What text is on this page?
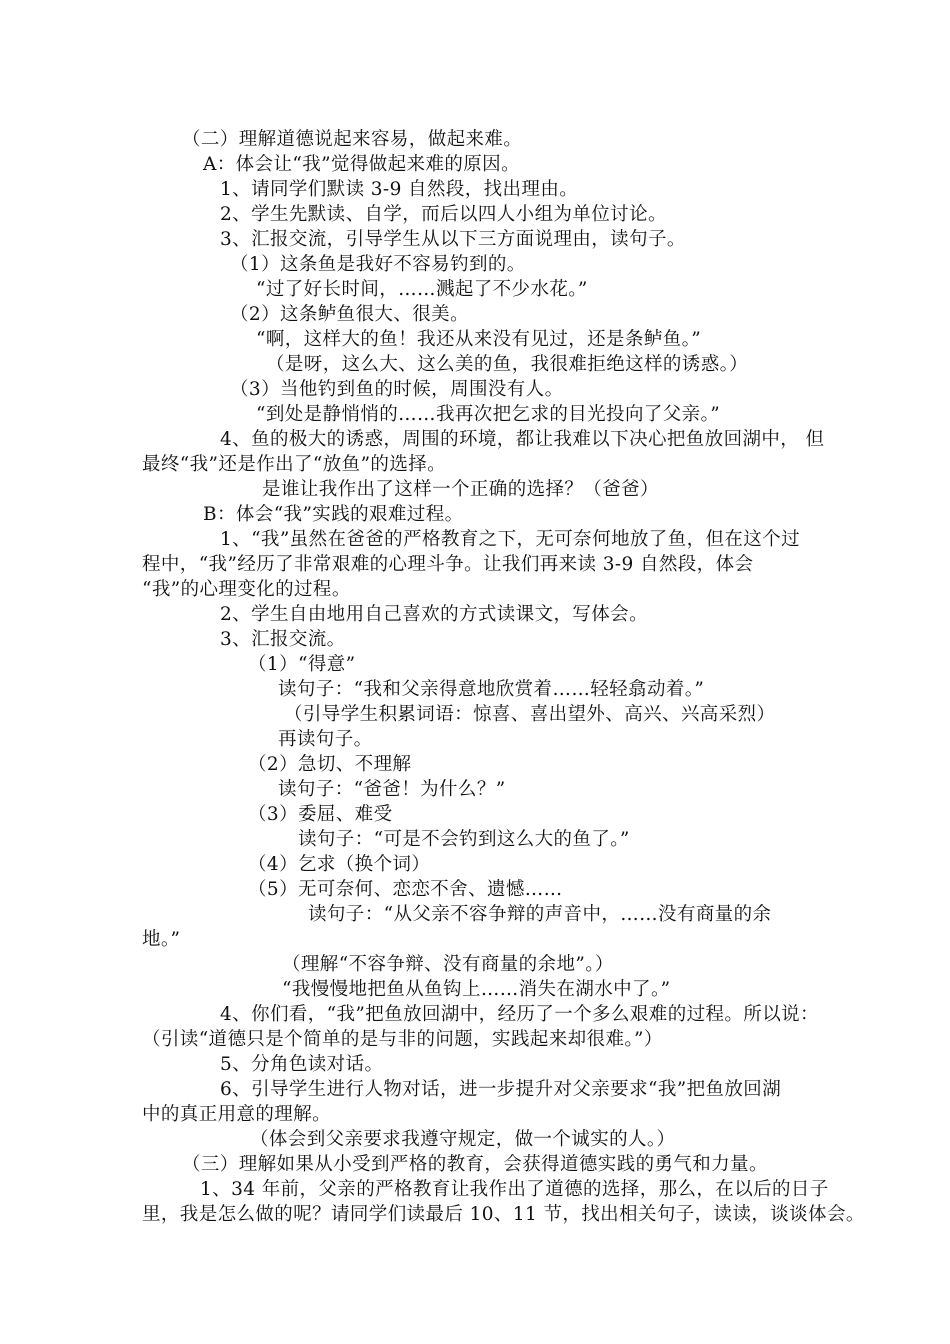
（二）理解道德说起来容易，做起来难。
A：体会让“我”觉得做起来难的原因。
1、请同学们默读 3-9 自然段，找出理由。
2、学生先默读、自学，而后以四人小组为单位讨论。
3、汇报交流，引导学生从以下三方面说理由，读句子。
（1）这条鱼是我好不容易钓到的。
“过了好长时间，……溅起了不少水花。”
（2）这条鲈鱼很大、很美。
“啊，这样大的鱼！我还从来没有见过，还是条鲈鱼。”
（是呀，这么大、这么美的鱼，我很难拒绝这样的诱惑。）
（3）当他钓到鱼的时候，周围没有人。
“到处是静悄悄的……我再次把乞求的目光投向了父亲。”
4、鱼的极大的诱惑，周围的环境，都让我难以下决心把鱼放回湖中， 但
最终“我”还是作出了“放鱼”的选择。
是谁让我作出了这样一个正确的选择？（爸爸）
B：体会“我”实践的艰难过程。
1、“我”虽然在爸爸的严格教育之下，无可奈何地放了鱼，但在这个过
程中，“我”经历了非常艰难的心理斗争。让我们再来读 3-9 自然段，体会
“我”的心理变化的过程。
2、学生自由地用自己喜欢的方式读课文，写体会。
3、汇报交流。
（1）“得意”
读句子：“我和父亲得意地欣赏着……轻轻翕动着。”
（引导学生积累词语：惊喜、喜出望外、高兴、兴高采烈）
再读句子。
（2）急切、不理解
读句子：“爸爸！为什么？”
（3）委屈、难受
读句子：“可是不会钓到这么大的鱼了。”
（4）乞求（换个词）
（5）无可奈何、恋恋不舍、遗憾……
读句子：“从父亲不容争辩的声音中，……没有商量的余
地。”
（理解“不容争辩、没有商量的余地”。）
“我慢慢地把鱼从鱼钩上……消失在湖水中了。”
4、你们看，“我”把鱼放回湖中，经历了一个多么艰难的过程。所以说：
（引读“道德只是个简单的是与非的问题，实践起来却很难。”）
5、分角色读对话。
6、引导学生进行人物对话，进一步提升对父亲要求“我”把鱼放回湖
中的真正用意的理解。
（体会到父亲要求我遵守规定，做一个诚实的人。）
（三）理解如果从小受到严格的教育，会获得道德实践的勇气和力量。
1、34 年前，父亲的严格教育让我作出了道德的选择，那么，在以后的日子
里，我是怎么做的呢？请同学们读最后 10、11 节，找出相关句子，读读，谈谈体会。
